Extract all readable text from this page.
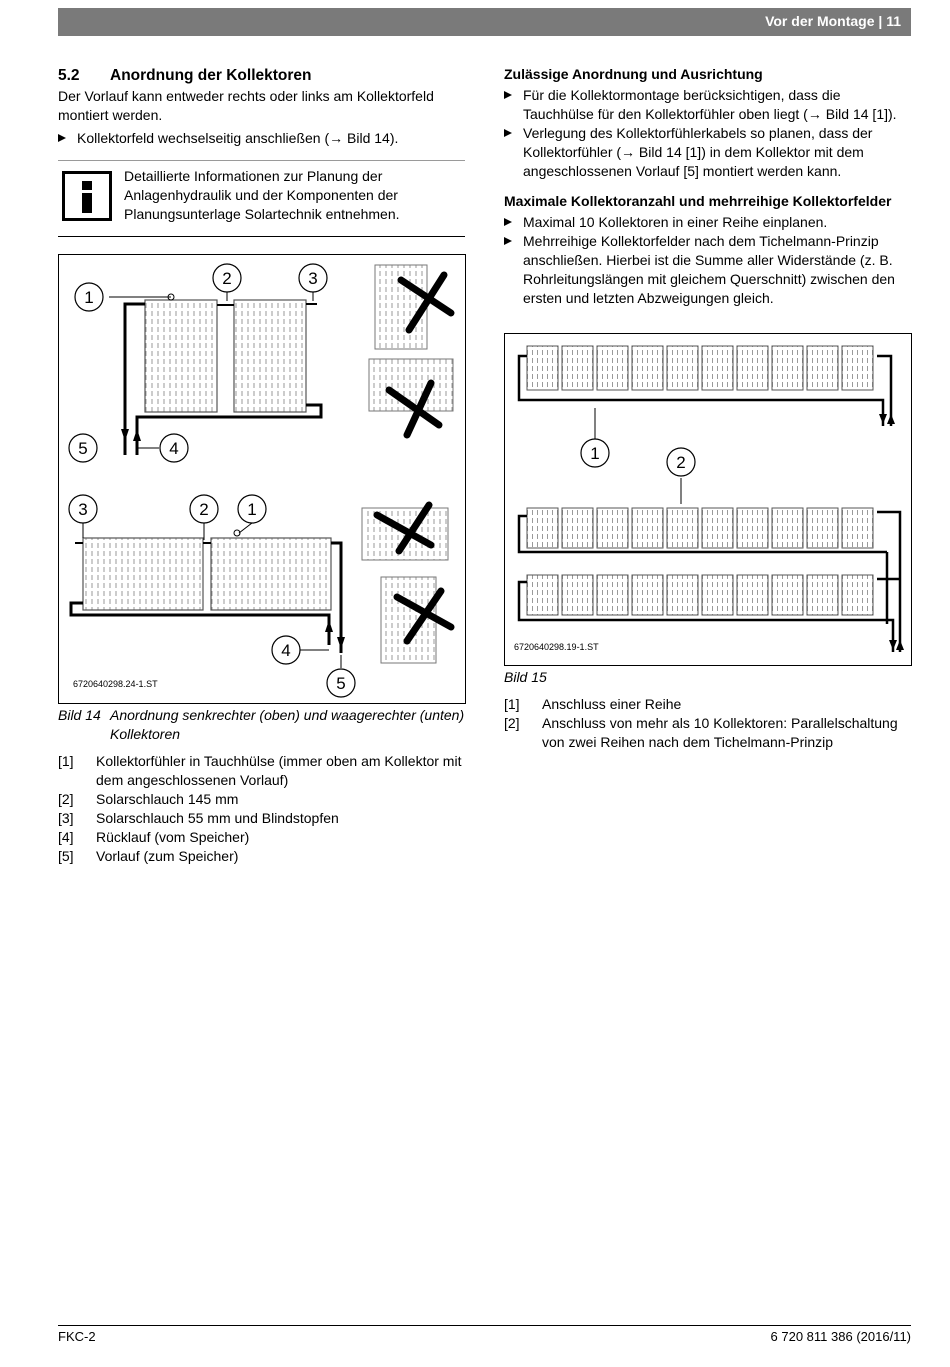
Vor der Montage | 11
5.2 Anordnung der Kollektoren

Der Vorlauf kann entweder rechts oder links am Kollektorfeld montiert werden.

Kollektorfeld wechselseitig anschließen (→ Bild 14).

Detaillierte Informationen zur Planung der Anlagenhydraulik und der Komponenten der Planungsunterlage Solartechnik entnehmen.
1
2	3
5	4
3	2 1
4
5
6720640298.24-1.ST
Bild 14 Anordnung senkrechter (oben) und waagerechter (unten) Kollektoren
[1]	Kollektorfühler in Tauchhülse (immer oben am Kollektor mit dem angeschlossenen Vorlauf)
[2]	Solarschlauch 145 mm
[3]	Solarschlauch 55 mm und Blindstopfen
[4]	Rücklauf (vom Speicher)
[5]	Vorlauf (zum Speicher)

Zulässige Anordnung und Ausrichtung

Für die Kollektormontage berücksichtigen, dass die Tauchhülse für den Kollektorfühler oben liegt (→ Bild 14 [1]).

Verlegung des Kollektorfühlerkabels so planen, dass der Kollektorfühler (→ Bild 14 [1]) in dem Kollektor mit dem angeschlossenen Vorlauf [5] montiert werden kann.

Maximale Kollektoranzahl und mehrreihige Kollektorfelder

Maximal 10 Kollektoren in einer Reihe einplanen.

Mehrreihige Kollektorfelder nach dem Tichelmann-Prinzip anschließen. Hierbei ist die Summe aller Widerstände (z. B. Rohrleitungslängen mit gleichem Querschnitt) zwischen den ersten und letzten Abzweigungen gleich.

1	2
6720640298.19-1.ST
Bild 15
[1]	Anschluss einer Reihe
[2]	Anschluss von mehr als 10 Kollektoren: Parallelschaltung von zwei Reihen nach dem Tichelmann-Prinzip
FKC-2	6 720 811 386 (2016/11)
